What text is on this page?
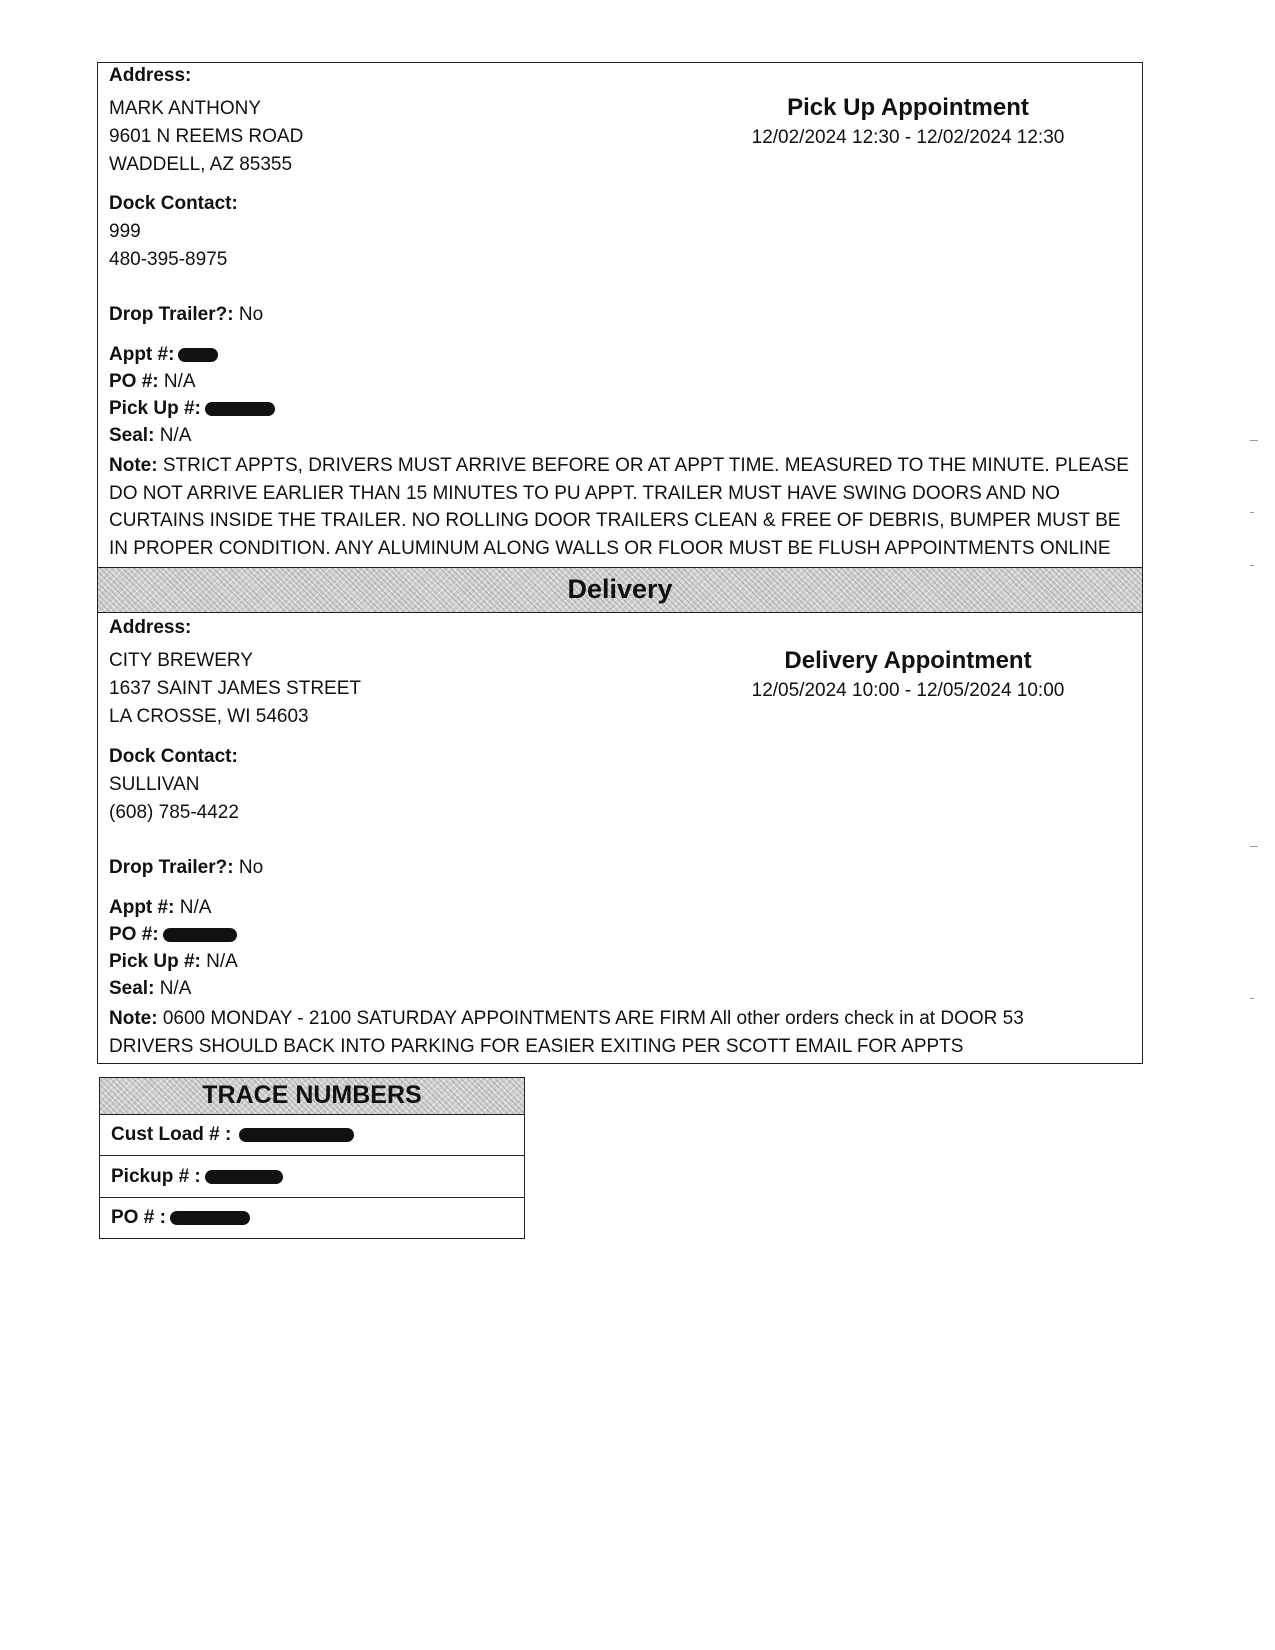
Address:
MARK ANTHONY
9601 N REEMS ROAD
WADDELL, AZ 85355
Dock Contact:
999
480-395-8975
Drop Trailer?: No
Appt #:
PO #: N/A
Pick Up #:
Seal: N/A
Note: STRICT APPTS, DRIVERS MUST ARRIVE BEFORE OR AT APPT TIME. MEASURED TO THE MINUTE. PLEASE DO NOT ARRIVE EARLIER THAN 15 MINUTES TO PU APPT. TRAILER MUST HAVE SWING DOORS AND NO CURTAINS INSIDE THE TRAILER. NO ROLLING DOOR TRAILERS CLEAN & FREE OF DEBRIS, BUMPER MUST BE IN PROPER CONDITION. ANY ALUMINUM ALONG WALLS OR FLOOR MUST BE FLUSH APPOINTMENTS ONLINE
Pick Up Appointment
12/02/2024 12:30 - 12/02/2024 12:30
Delivery
Address:
CITY BREWERY
1637 SAINT JAMES STREET
LA CROSSE, WI 54603
Dock Contact:
SULLIVAN
(608) 785-4422
Drop Trailer?: No
Appt #: N/A
PO #:
Pick Up #: N/A
Seal: N/A
Note: 0600 MONDAY - 2100 SATURDAY APPOINTMENTS ARE FIRM All other orders check in at DOOR 53 DRIVERS SHOULD BACK INTO PARKING FOR EASIER EXITING PER SCOTT EMAIL FOR APPTS
Delivery Appointment
12/05/2024 10:00 - 12/05/2024 10:00
TRACE NUMBERS
Cust Load # :
Pickup # :
PO # :
